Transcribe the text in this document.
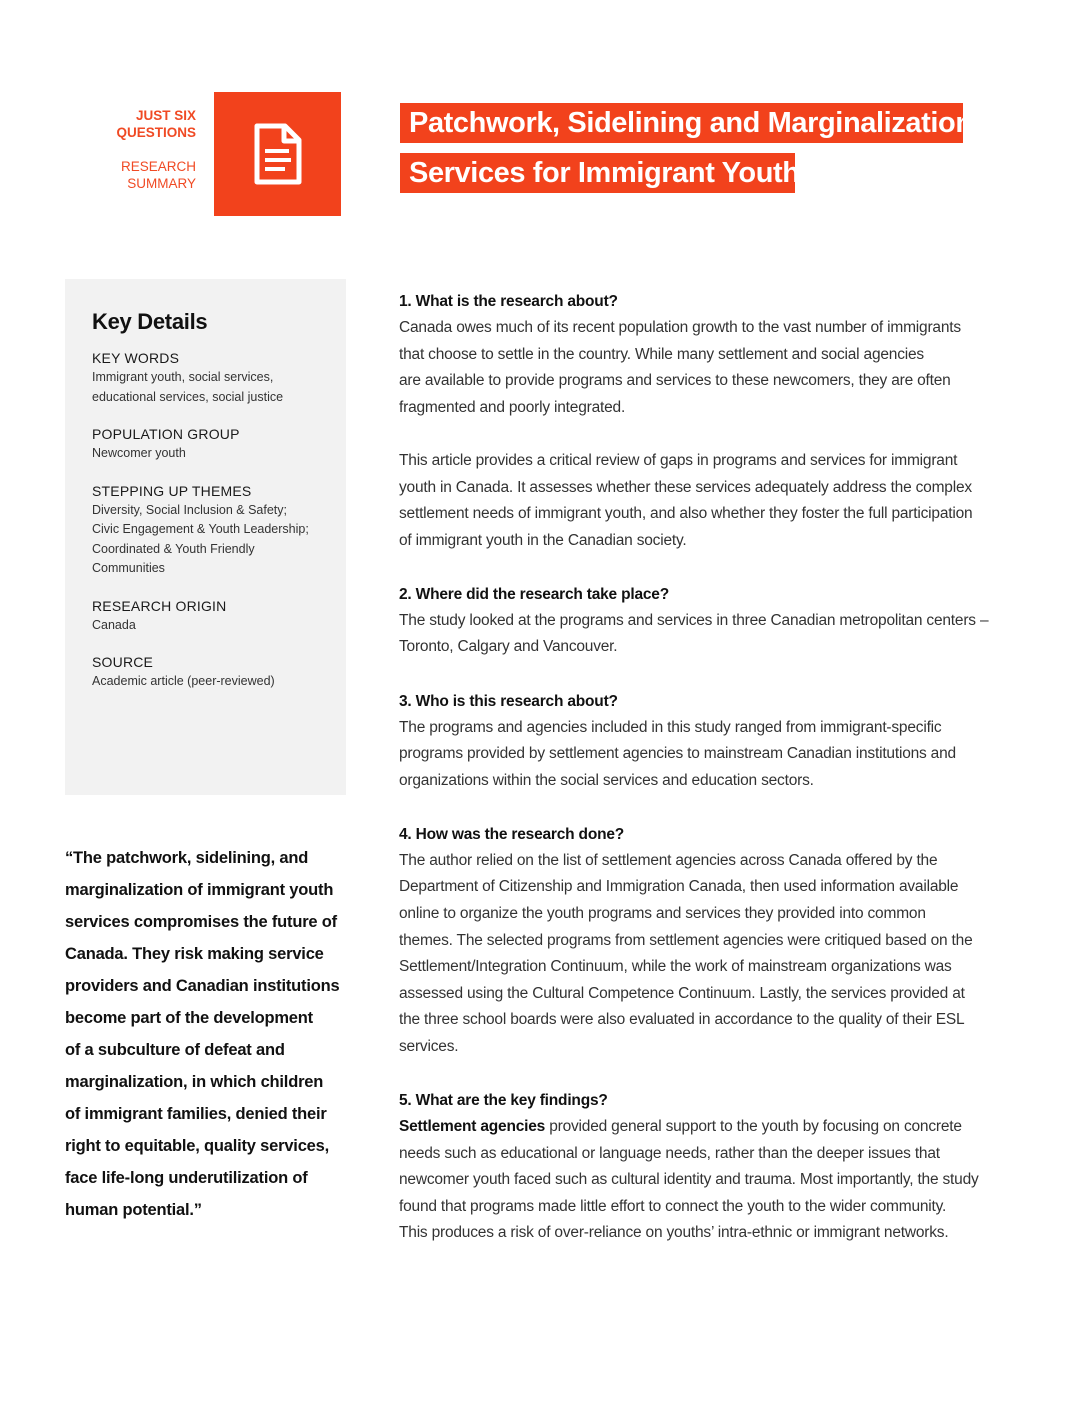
JUST SIX
QUESTIONS
RESEARCH
SUMMARY
Patchwork, Sidelining and Marginalization:
Services for Immigrant Youth
Key Details
KEY WORDS
Immigrant youth, social services,
educational services, social justice
POPULATION GROUP
Newcomer youth
STEPPING UP THEMES
Diversity, Social Inclusion & Safety;
Civic Engagement & Youth Leadership;
Coordinated & Youth Friendly
Communities
RESEARCH ORIGIN
Canada
SOURCE
Academic article (peer-reviewed)
“The patchwork, sidelining, and
marginalization of immigrant youth
services compromises the future of
Canada. They risk making service
providers and Canadian institutions
become part of the development
of a subculture of defeat and
marginalization, in which children
of immigrant families, denied their
right to equitable, quality services,
face life-long underutilization of
human potential.”
1. What is the research about?
Canada owes much of its recent population growth to the vast number of immigrants
that choose to settle in the country. While many settlement and social agencies
are available to provide programs and services to these newcomers, they are often
fragmented and poorly integrated.
This article provides a critical review of gaps in programs and services for immigrant
youth in Canada. It assesses whether these services adequately address the complex
settlement needs of immigrant youth, and also whether they foster the full participation
of immigrant youth in the Canadian society.
2. Where did the research take place?
The study looked at the programs and services in three Canadian metropolitan centers –
Toronto, Calgary and Vancouver.
3. Who is this research about?
The programs and agencies included in this study ranged from immigrant-specific
programs provided by settlement agencies to mainstream Canadian institutions and
organizations within the social services and education sectors.
4. How was the research done?
The author relied on the list of settlement agencies across Canada offered by the
Department of Citizenship and Immigration Canada, then used information available
online to organize the youth programs and services they provided into common
themes. The selected programs from settlement agencies were critiqued based on the
Settlement/Integration Continuum, while the work of mainstream organizations was
assessed using the Cultural Competence Continuum. Lastly, the services provided at
the three school boards were also evaluated in accordance to the quality of their ESL
services.
5. What are the key findings?
Settlement agencies provided general support to the youth by focusing on concrete
needs such as educational or language needs, rather than the deeper issues that
newcomer youth faced such as cultural identity and trauma. Most importantly, the study
found that programs made little effort to connect the youth to the wider community.
This produces a risk of over-reliance on youths’ intra-ethnic or immigrant networks.
